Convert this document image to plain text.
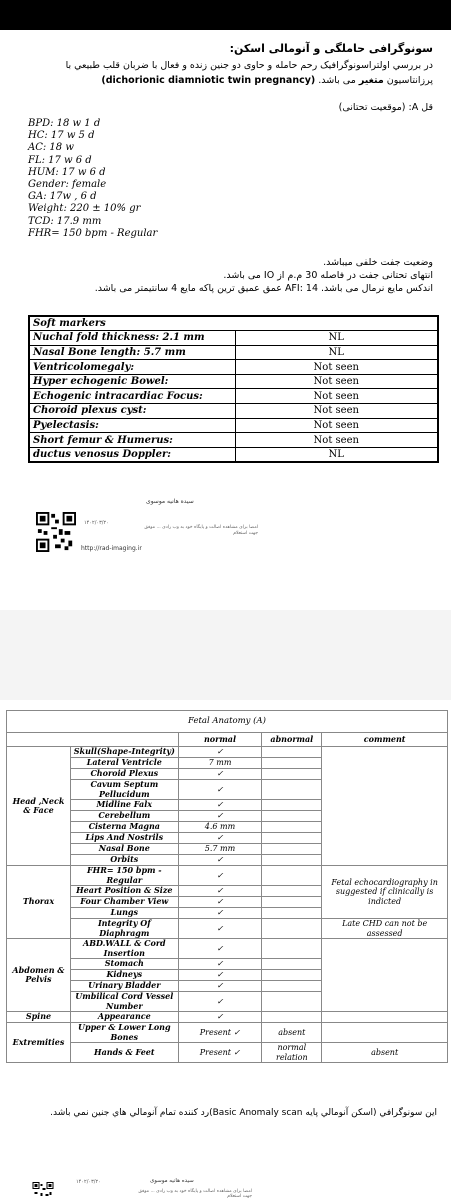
سونوگرافی حاملگی و آنومالی اسکن:
در بررسي اولتراسونوگرافيک رحم حامله و حاوی دو جنین زنده و فعال با ضربان قلب طبیعي با
پرزانتاسیون متغیر می باشد. (dichorionic diamniotic twin pregnancy)
قل A: (موقعیت تحتانی)
BPD: 18 w 1 d
HC: 17 w 5 d
AC: 18 w
FL: 17 w 6 d
HUM: 17 w 6 d
Gender: female
GA: 17w , 6 d
Weight: 220 ± 10% gr
TCD: 17.9 mm
FHR= 150 bpm - Regular
وضعیت جفت خلفی میباشد.
انتهای تحتانی جفت در فاصله 30 م.م از IO می باشد.
اندکس مایع نرمال می باشد. AFI: 14 عمق عمیق ترین پاکه مایع 4 سانتیمتر می باشد.
Soft markers	
Nuchal fold thickness: 2.1 mm	NL
Nasal Bone length: 5.7 mm	NL
Ventricolomegaly:	Not seen
Hyper echogenic Bowel:	Not seen
Echogenic intracardiac Focus:	Not seen
Choroid plexus cyst:	Not seen
Pyelectasis:	Not seen
Short femur & Humerus:	Not seen
ductus venosus Doppler:	NL
سیده هانیه موسوی
۱۴۰۲/۰۳/۲۰
امضا برای مشاهده اصالت و پایگاه خود به وب رادی ... موفق جهت استعلام
http://rad-imaging.ir
Fetal Anatomy (A)				
		normal	abnormal	comment
Head ,Neck & Face	Skull(Shape-Integrity)	✓		
	Lateral Ventricle	7 mm		
	Choroid Plexus	✓		
	Cavum Septum Pellucidum	✓		
	Midline Falx	✓		
	Cerebellum	✓		
	Cisterna Magna	4.6 mm		
	Lips And Nostrils	✓		
	Nasal Bone	5.7 mm		
	Orbits	✓		
Thorax	FHR= 150 bpm - Regular	✓		Fetal echocardiography in suggested if clinically is indicted
	Heart Position & Size	✓		
	Four Chamber View	✓		
	Lungs	✓		
	Integrity Of Diaphragm	✓		Late CHD can not be assessed
Abdomen & Pelvis	ABD.WALL & Cord Insertion	✓		
	Stomach	✓		
	Kidneys	✓		
	Urinary Bladder	✓		
	Umbilical Cord Vessel Number	✓		
Spine	Appearance	✓		
Extremities	Upper & Lower Long Bones	Present ✓	absent	
	Hands & Feet	Present ✓	normal relation	absent
این سونوگرافي (اسکن آنومالي پایه Basic Anomaly scan)رد کننده تمام آنومالي هاي جنين نمي باشد.
سیده هانیه موسوی
۱۴۰۲/۰۳/۲۰
امضا برای مشاهده اصالت و پایگاه خود به وب رادی ... موفق جهت استعلام
